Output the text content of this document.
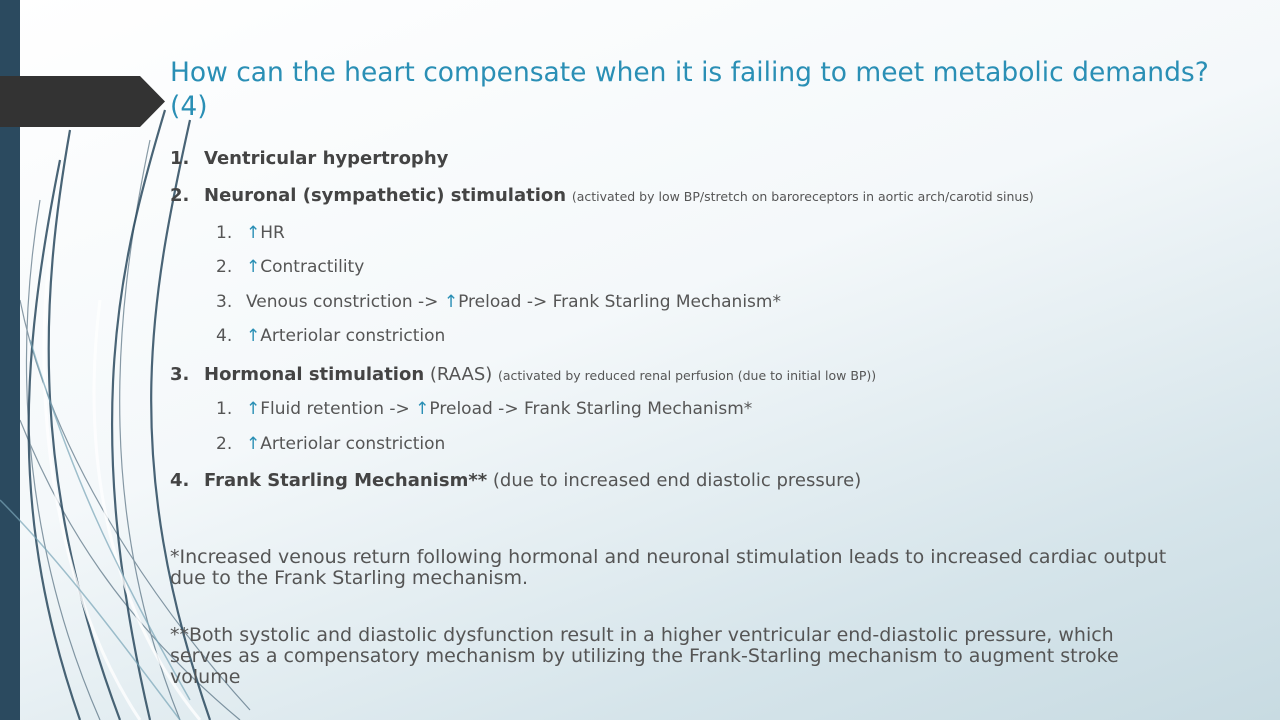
How can the heart compensate when it is failing to meet metabolic demands? (4)
1. Ventricular hypertrophy
2. Neuronal (sympathetic) stimulation (activated by low BP/stretch on baroreceptors in aortic arch/carotid sinus)
1. ↑HR
2. ↑Contractility
3. Venous constriction -> ↑Preload -> Frank Starling Mechanism*
4. ↑Arteriolar constriction
3. Hormonal stimulation (RAAS) (activated by reduced renal perfusion (due to initial low BP))
1. ↑Fluid retention -> ↑Preload -> Frank Starling Mechanism*
2. ↑Arteriolar constriction
4. Frank Starling Mechanism** (due to increased end diastolic pressure)
*Increased venous return following hormonal and neuronal stimulation leads to increased cardiac output due to the Frank Starling mechanism.
**Both systolic and diastolic dysfunction result in a higher ventricular end-diastolic pressure, which serves as a compensatory mechanism by utilizing the Frank-Starling mechanism to augment stroke volume
